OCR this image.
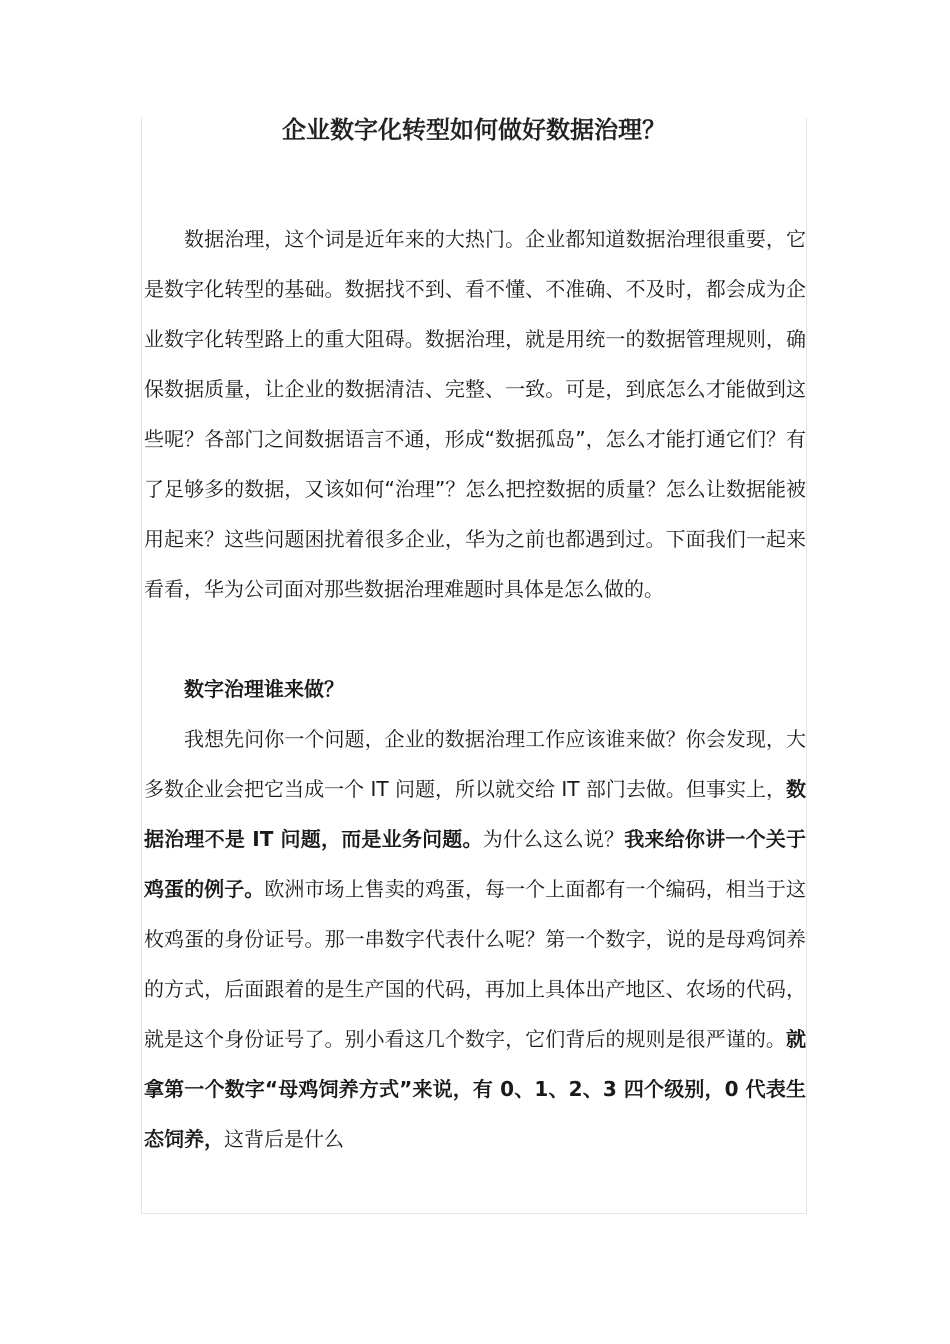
企业数字化转型如何做好数据治理？

数据治理，这个词是近年来的大热门。企业都知道数据治理很重要，它是数字化转型的基础。数据找不到、看不懂、不准确、不及时，都会成为企业数字化转型路上的重大阻碍。数据治理，就是用统一的数据管理规则，确保数据质量，让企业的数据清洁、完整、一致。可是，到底怎么才能做到这些呢？各部门之间数据语言不通，形成“数据孤岛”，怎么才能打通它们？有了足够多的数据，又该如何“治理”？怎么把控数据的质量？怎么让数据能被用起来？这些问题困扰着很多企业，华为之前也都遇到过。下面我们一起来看看，华为公司面对那些数据治理难题时具体是怎么做的。

数字治理谁来做？

我想先问你一个问题，企业的数据治理工作应该谁来做？你会发现，大多数企业会把它当成一个 IT 问题，所以就交给 IT 部门去做。但事实上，数据治理不是 IT 问题，而是业务问题。为什么这么说？我来给你讲一个关于鸡蛋的例子。欧洲市场上售卖的鸡蛋，每一个上面都有一个编码，相当于这枚鸡蛋的身份证号。那一串数字代表什么呢？第一个数字，说的是母鸡饲养的方式，后面跟着的是生产国的代码，再加上具体出产地区、农场的代码，就是这个身份证号了。别小看这几个数字，它们背后的规则是很严谨的。就拿第一个数字“母鸡饲养方式”来说，有 0、1、2、3 四个级别，0 代表生态饲养，这背后是什么
